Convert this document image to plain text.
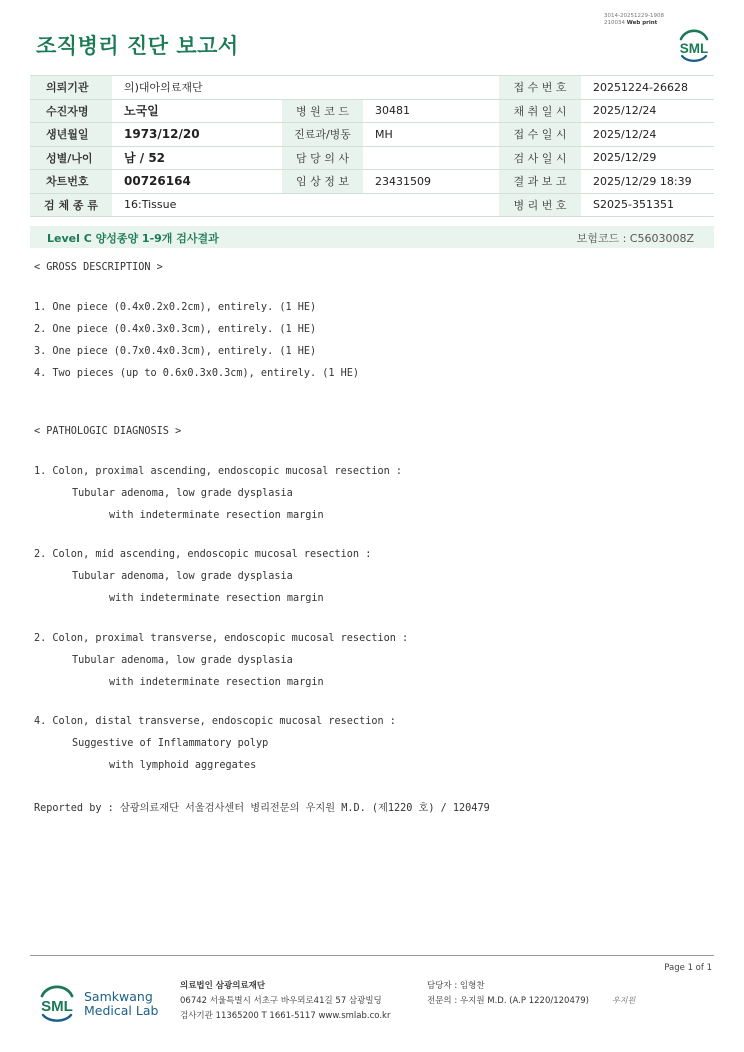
3014-20251229-1908
210034 Web print
조직병리 진단 보고서	SML
의뢰기관	의)대아의료재단			접 수 번 호	20251224-26628
수진자명	노국일	병 원 코 드	30481	채 취 일 시	2025/12/24
생년월일	1973/12/20	진료과/병동	MH	접 수 일 시	2025/12/24
성별/나이	남 / 52	담 당 의 사		검 사 일 시	2025/12/29
차트번호	00726164	임 상 정 보	23431509	결 과 보 고	2025/12/29 18:39
검 체 종 류	16:Tissue			병 리 번 호	S2025-351351
Level C 양성종양 1-9개 검사결과	보험코드 : C5603008Z
< GROSS DESCRIPTION >
1. One piece (0.4x0.2x0.2cm), entirely. (1 HE)
2. One piece (0.4x0.3x0.3cm), entirely. (1 HE)
3. One piece (0.7x0.4x0.3cm), entirely. (1 HE)
4. Two pieces (up to 0.6x0.3x0.3cm), entirely. (1 HE)
< PATHOLOGIC DIAGNOSIS >
1. Colon, proximal ascending, endoscopic mucosal resection :
Tubular adenoma, low grade dysplasia
with indeterminate resection margin
2. Colon, mid ascending, endoscopic mucosal resection :
Tubular adenoma, low grade dysplasia
with indeterminate resection margin
2. Colon, proximal transverse, endoscopic mucosal resection :
Tubular adenoma, low grade dysplasia
with indeterminate resection margin
4. Colon, distal transverse, endoscopic mucosal resection :
Suggestive of Inflammatory polyp
with lymphoid aggregates
Reported by : 삼광의료재단 서울검사센터 병리전문의 우지원 M.D. (제1220 호) / 120479
Page 1 of 1
SML
Samkwang
Medical Lab
의료법인 삼광의료재단
06742 서울특별시 서초구 바우뫼로41길 57 삼광빌딩
검사기관 11365200 T 1661-5117 www.smlab.co.kr
담당자 : 임형찬
전문의 : 우지원 M.D. (A.P 1220/120479)	우지원
